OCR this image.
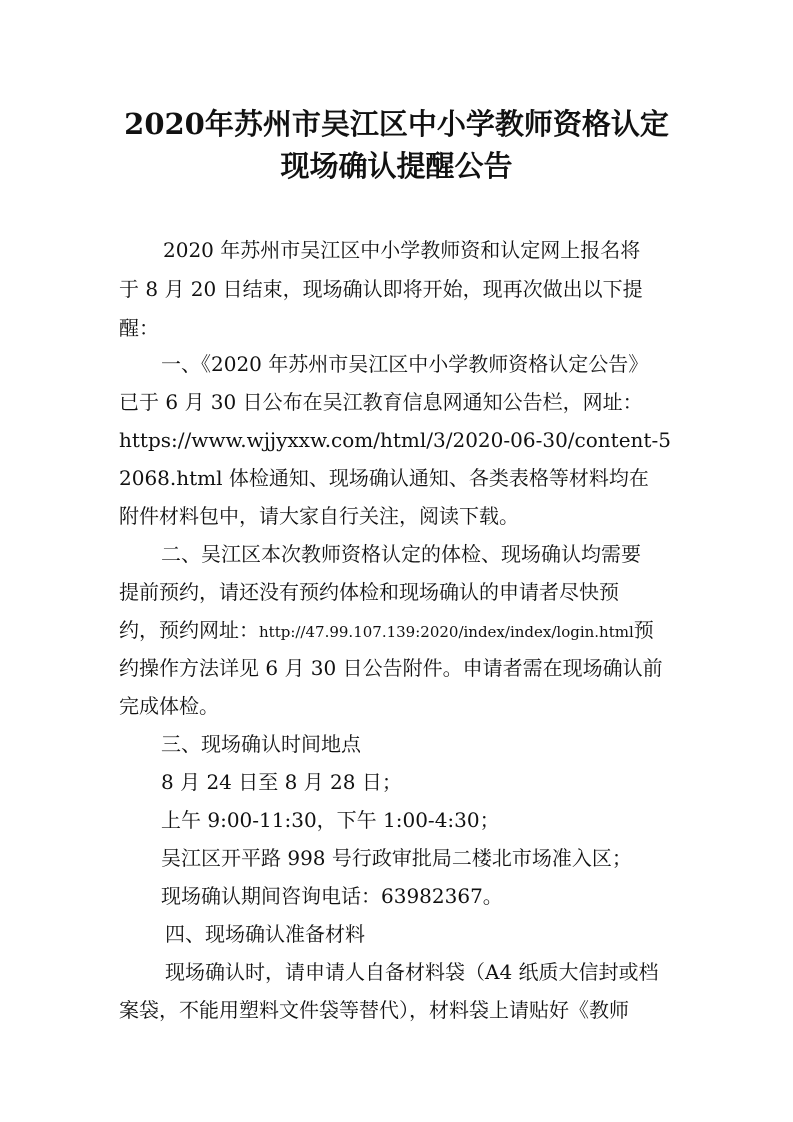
2020年苏州市吴江区中小学教师资格认定
现场确认提醒公告
2020 年苏州市吴江区中小学教师资和认定网上报名将
于 8 月 20 日结束，现场确认即将开始，现再次做出以下提
醒：
一、《2020 年苏州市吴江区中小学教师资格认定公告》
已于 6 月 30 日公布在吴江教育信息网通知公告栏，网址：
https://www.wjjyxxw.com/html/3/2020-06-30/content-5
2068.html 体检通知、现场确认通知、各类表格等材料均在
附件材料包中，请大家自行关注，阅读下载。
二、吴江区本次教师资格认定的体检、现场确认均需要
提前预约，请还没有预约体检和现场确认的申请者尽快预
约，预约网址：http://47.99.107.139:2020/index/index/login.html预
约操作方法详见 6 月 30 日公告附件。申请者需在现场确认前
完成体检。
三、现场确认时间地点
8 月 24 日至 8 月 28 日；
上午 9:00-11:30，下午 1:00-4:30；
吴江区开平路 998 号行政审批局二楼北市场准入区；
现场确认期间咨询电话：63982367。
四、现场确认准备材料
现场确认时，请申请人自备材料袋（A4 纸质大信封或档
案袋，不能用塑料文件袋等替代），材料袋上请贴好《教师
